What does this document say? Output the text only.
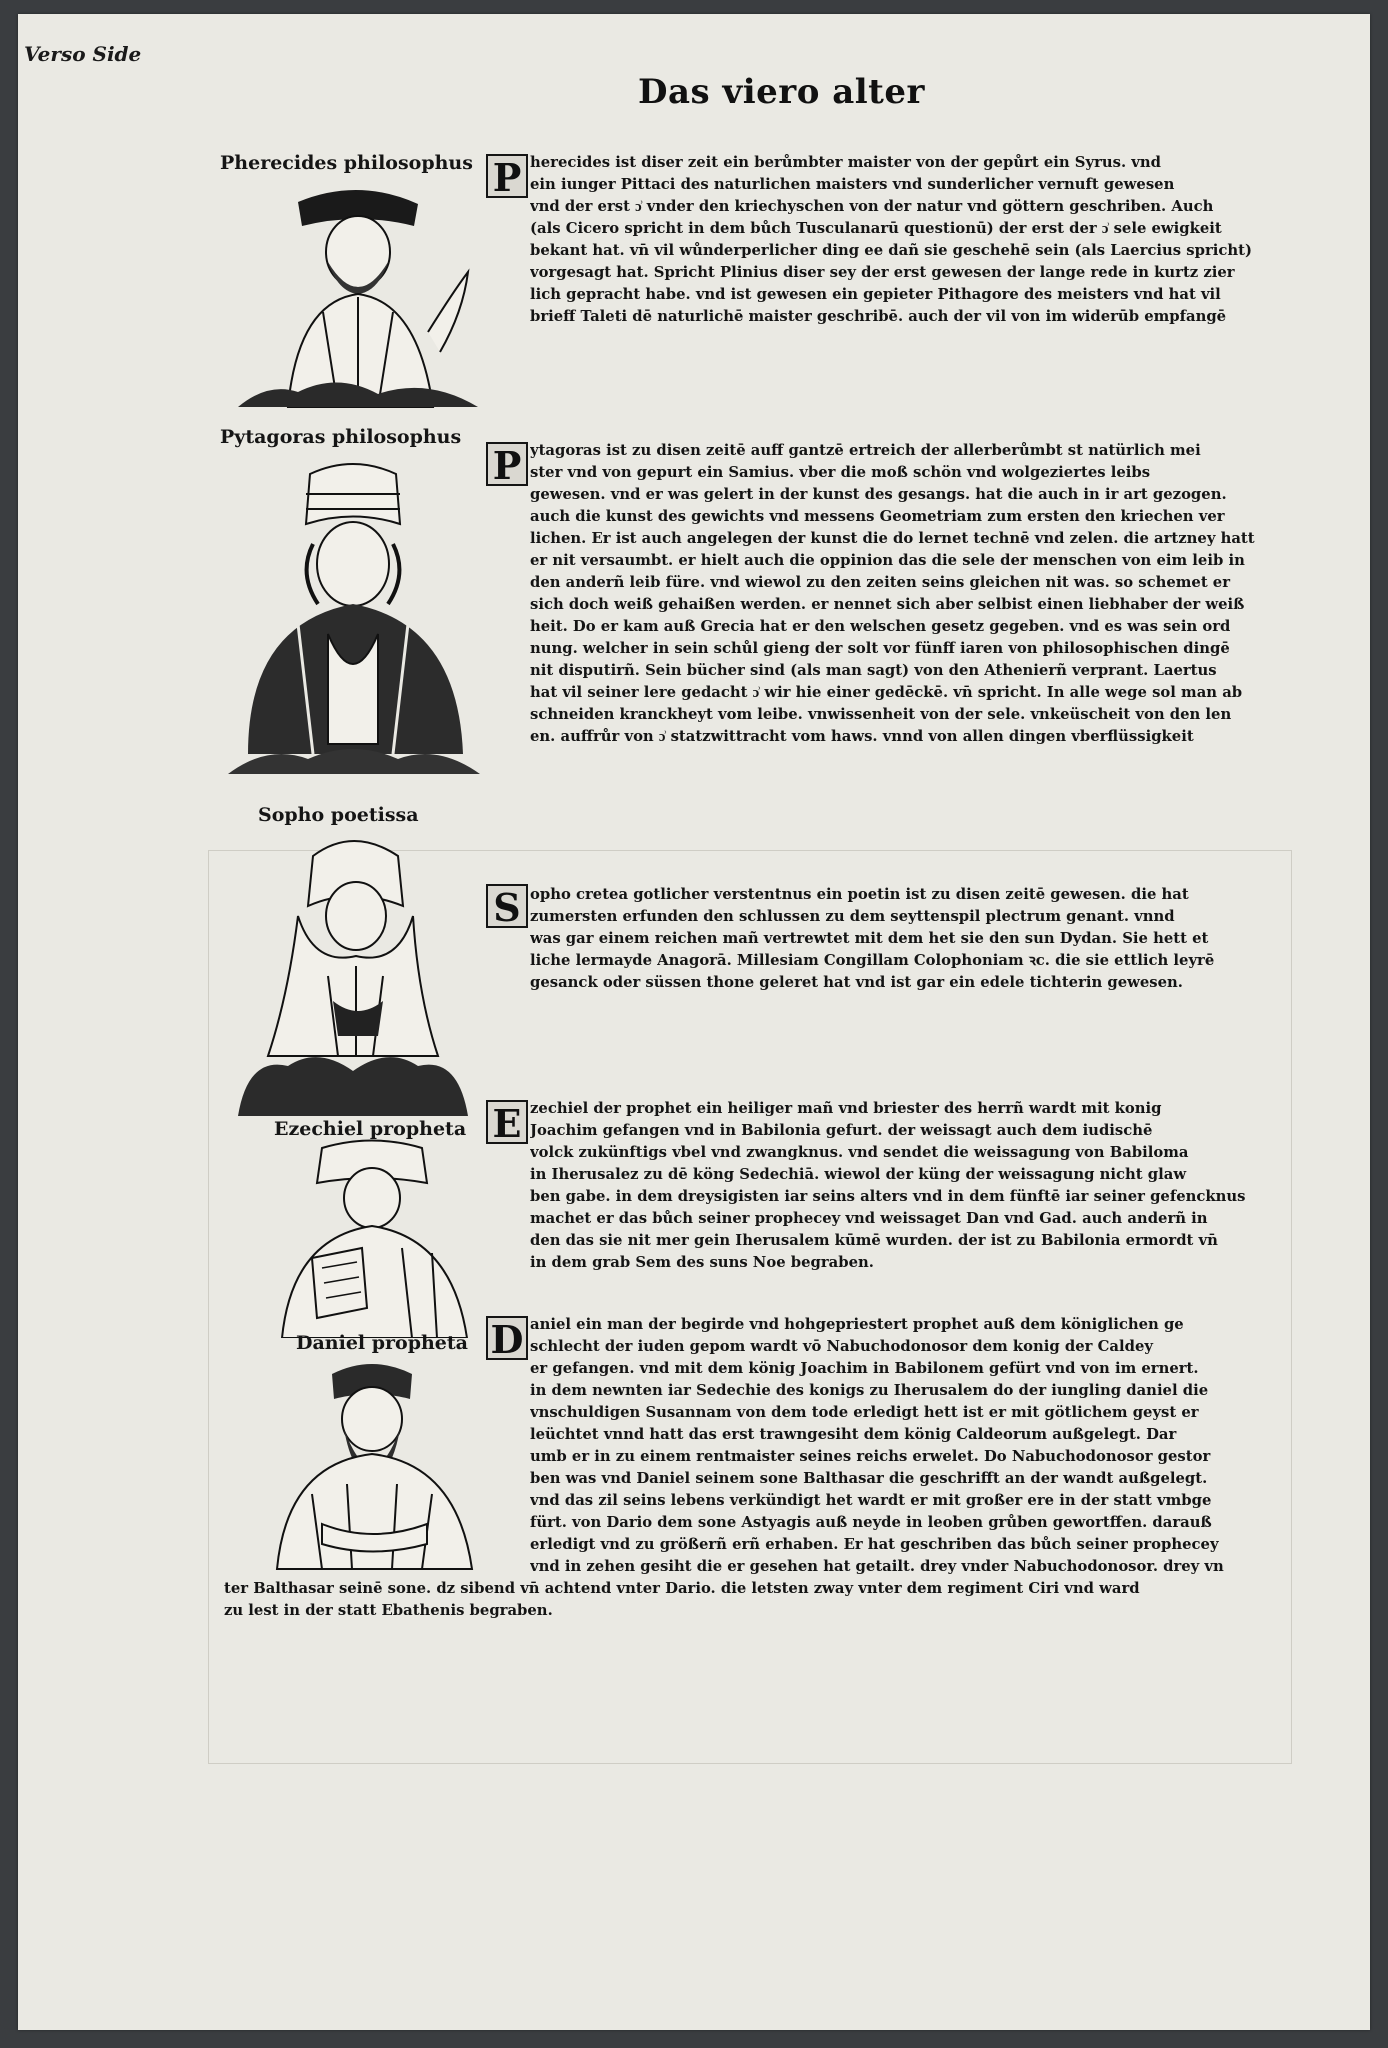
Verso Side
Das viero alter
Pherecides philosophus P herecides ist diser zeit ein berůmbter maister von der gepůrt ein Syrus. vnd
ein iunger Pittaci des naturlichen maisters vnd sunderlicher vernuft gewesen
vnd der erst ɔ͗ vnder den kriechyschen von der natur vnd göttern geschriben. Auch
(als Cicero spricht in dem bůch Tusculanarū questionū) der erst der ɔ͗ sele ewigkeit
bekant hat. vn̄ vil wůnderperlicher ding ee dañ sie geschehē sein (als Laercius spricht)
vorgesagt hat. Spricht Plinius diser sey der erst gewesen der lange rede in kurtz zier
lich gepracht habe. vnd ist gewesen ein gepieter Pithagore des meisters vnd hat vil
brieff Taleti dē naturlichē maister geschribē. auch der vil von im widerūb empfangē
Pytagoras philosophus
P ytagoras ist zu disen zeitē auff gantzē ertreich der allerberůmbt st natürlich mei
ster vnd von gepurt ein Samius. vber die moß schön vnd wolgeziertes leibs
gewesen. vnd er was gelert in der kunst des gesangs. hat die auch in ir art gezogen.
auch die kunst des gewichts vnd messens Geometriam zum ersten den kriechen ver
lichen. Er ist auch angelegen der kunst die do lernet technē vnd zelen. die artzney hatt
er nit versaumbt. er hielt auch die oppinion das die sele der menschen von eim leib in
den anderñ leib füre. vnd wiewol zu den zeiten seins gleichen nit was. so schemet er
sich doch weiß gehaißen werden. er nennet sich aber selbist einen liebhaber der weiß
heit. Do er kam auß Grecia hat er den welschen gesetz gegeben. vnd es was sein ord
nung. welcher in sein schůl gieng der solt vor fünff iaren von philosophischen dingē
nit disputirñ. Sein bücher sind (als man sagt) von den Athenierñ verprant. Laertus
hat vil seiner lere gedacht ɔ͗ wir hie einer gedēckē. vn̄ spricht. In alle wege sol man ab
schneiden kranckheyt vom leibe. vnwissenheit von der sele. vnkeüscheit von den len
en. auffrůr von ɔ͗ statzwittracht vom haws. vnnd von allen dingen vberflüssigkeit
Sopho poetissa
S opho cretea gotlicher verstentnus ein poetin ist zu disen zeitē gewesen. die hat
zumersten erfunden den schlussen zu dem seyttenspil plectrum genant. vnnd
was gar einem reichen mañ vertrewtet mit dem het sie den sun Dydan. Sie hett et
liche lermayde Anagorā. Millesiam Congillam Colophoniam ꝛc. die sie ettlich leyrē
gesanck oder süssen thone geleret hat vnd ist gar ein edele tichterin gewesen.
Ezechiel propheta E zechiel der prophet ein heiliger mañ vnd briester des herrñ wardt mit konig
Joachim gefangen vnd in Babilonia gefurt. der weissagt auch dem iudischē
volck zukünftigs vbel vnd zwangknus. vnd sendet die weissagung von Babiloma
in Iherusalez zu dē köng Sedechiā. wiewol der küng der weissagung nicht glaw
ben gabe. in dem dreysigisten iar seins alters vnd in dem fünftē iar seiner gefencknus
machet er das bůch seiner prophecey vnd weissaget Dan vnd Gad. auch anderñ in
den das sie nit mer gein Iherusalem kūmē wurden. der ist zu Babilonia ermordt vn̄
in dem grab Sem des suns Noe begraben.
Daniel propheta D aniel ein man der begirde vnd hohgepriestert prophet auß dem königlichen ge
schlecht der iuden gepom wardt vō Nabuchodonosor dem konig der Caldey
er gefangen. vnd mit dem könig Joachim in Babilonem gefürt vnd von im ernert.
in dem newnten iar Sedechie des konigs zu Iherusalem do der iungling daniel die
vnschuldigen Susannam von dem tode erledigt hett ist er mit götlichem geyst er
leüchtet vnnd hatt das erst trawngesiht dem könig Caldeorum außgelegt. Dar
umb er in zu einem rentmaister seines reichs erwelet. Do Nabuchodonosor gestor
ben was vnd Daniel seinem sone Balthasar die geschrifft an der wandt außgelegt.
vnd das zil seins lebens verkündigt het wardt er mit großer ere in der statt vmbge
fürt. von Dario dem sone Astyagis auß neyde in leoben grůben gewortffen. darauß
erledigt vnd zu größerñ erñ erhaben. Er hat geschriben das bůch seiner prophecey
vnd in zehen gesiht die er gesehen hat getailt. drey vnder Nabuchodonosor. drey vn
ter Balthasar seinē sone. dz sibend vn̄ achtend vnter Dario. die letsten zway vnter dem regiment Ciri vnd ward
zu lest in der statt Ebathenis begraben.
